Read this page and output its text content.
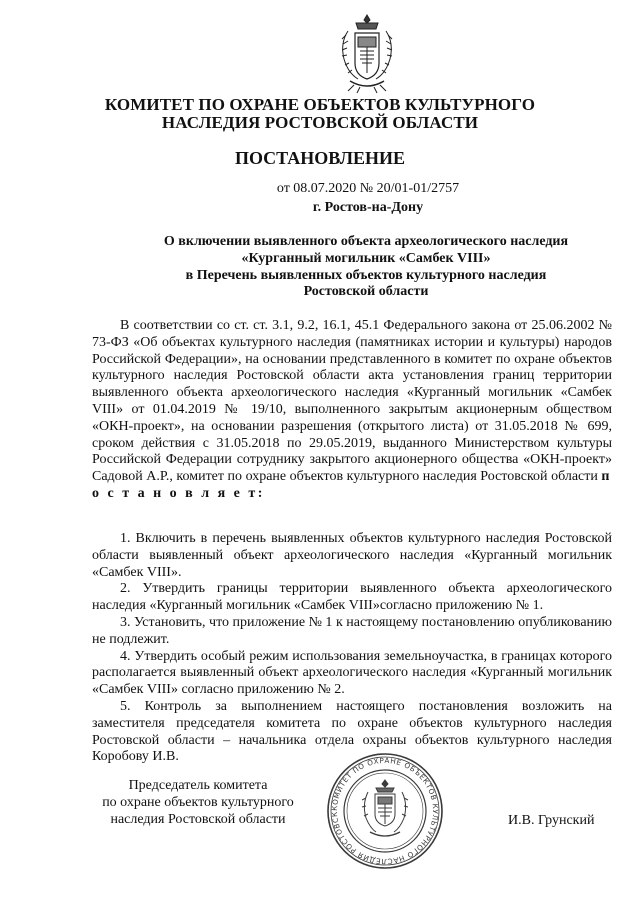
КОМИТЕТ ПО ОХРАНЕ ОБЪЕКТОВ КУЛЬТУРНОГО
НАСЛЕДИЯ РОСТОВСКОЙ ОБЛАСТИ
ПОСТАНОВЛЕНИЕ
от 08.07.2020 № 20/01-01/2757
г. Ростов-на-Дону
О включении выявленного объекта археологического наследия
«Курганный могильник «Самбек VIII»
в Перечень выявленных объектов культурного наследия
Ростовской области

В соответствии со ст. ст. 3.1, 9.2, 16.1, 45.1 Федерального закона от 25.06.2002 № 73-ФЗ «Об объектах культурного наследия (памятниках истории и культуры) народов Российской Федерации», на основании представленного в комитет по охране объектов культурного наследия Ростовской области акта установления границ территории выявленного объекта археологического наследия «Курганный могильник «Самбек VIII» от 01.04.2019 № 19/10, выполненного закрытым акционерным обществом «ОКН-проект», на основании разрешения (открытого листа) от 31.05.2018 № 699, сроком действия с 31.05.2018 по 29.05.2019, выданного Министерством культуры Российской Федерации сотруднику закрытого акционерного общества «ОКН-проект» Садовой А.Р., комитет по охране объектов культурного наследия Ростовской области п о с т а н о в л я е т:

1. Включить в перечень выявленных объектов культурного наследия Ростовской области выявленный объект археологического наследия «Курганный могильник «Самбек VIII».

2. Утвердить границы территории выявленного объекта археологического наследия «Курганный могильник «Самбек VIII»согласно приложению № 1.

3. Установить, что приложение № 1 к настоящему постановлению опубликованию не подлежит.

4. Утвердить особый режим использования земельноучастка, в границах которого располагается выявленный объект археологического наследия «Курганный могильник «Самбек VIII» согласно приложению № 2.

5. Контроль за выполнением настоящего постановления возложить на заместителя председателя комитета по охране объектов культурного наследия Ростовской области – начальника отдела охраны объектов культурного наследия Коробову И.В.

Председатель комитета
по охране объектов культурного
наследия Ростовской области
КОМИТЕТ ПО ОХРАНЕ ОБЪЕКТОВ КУЛЬТУРНОГО НАСЛЕДИЯ РОСТОВСК	И.В. Грунский
